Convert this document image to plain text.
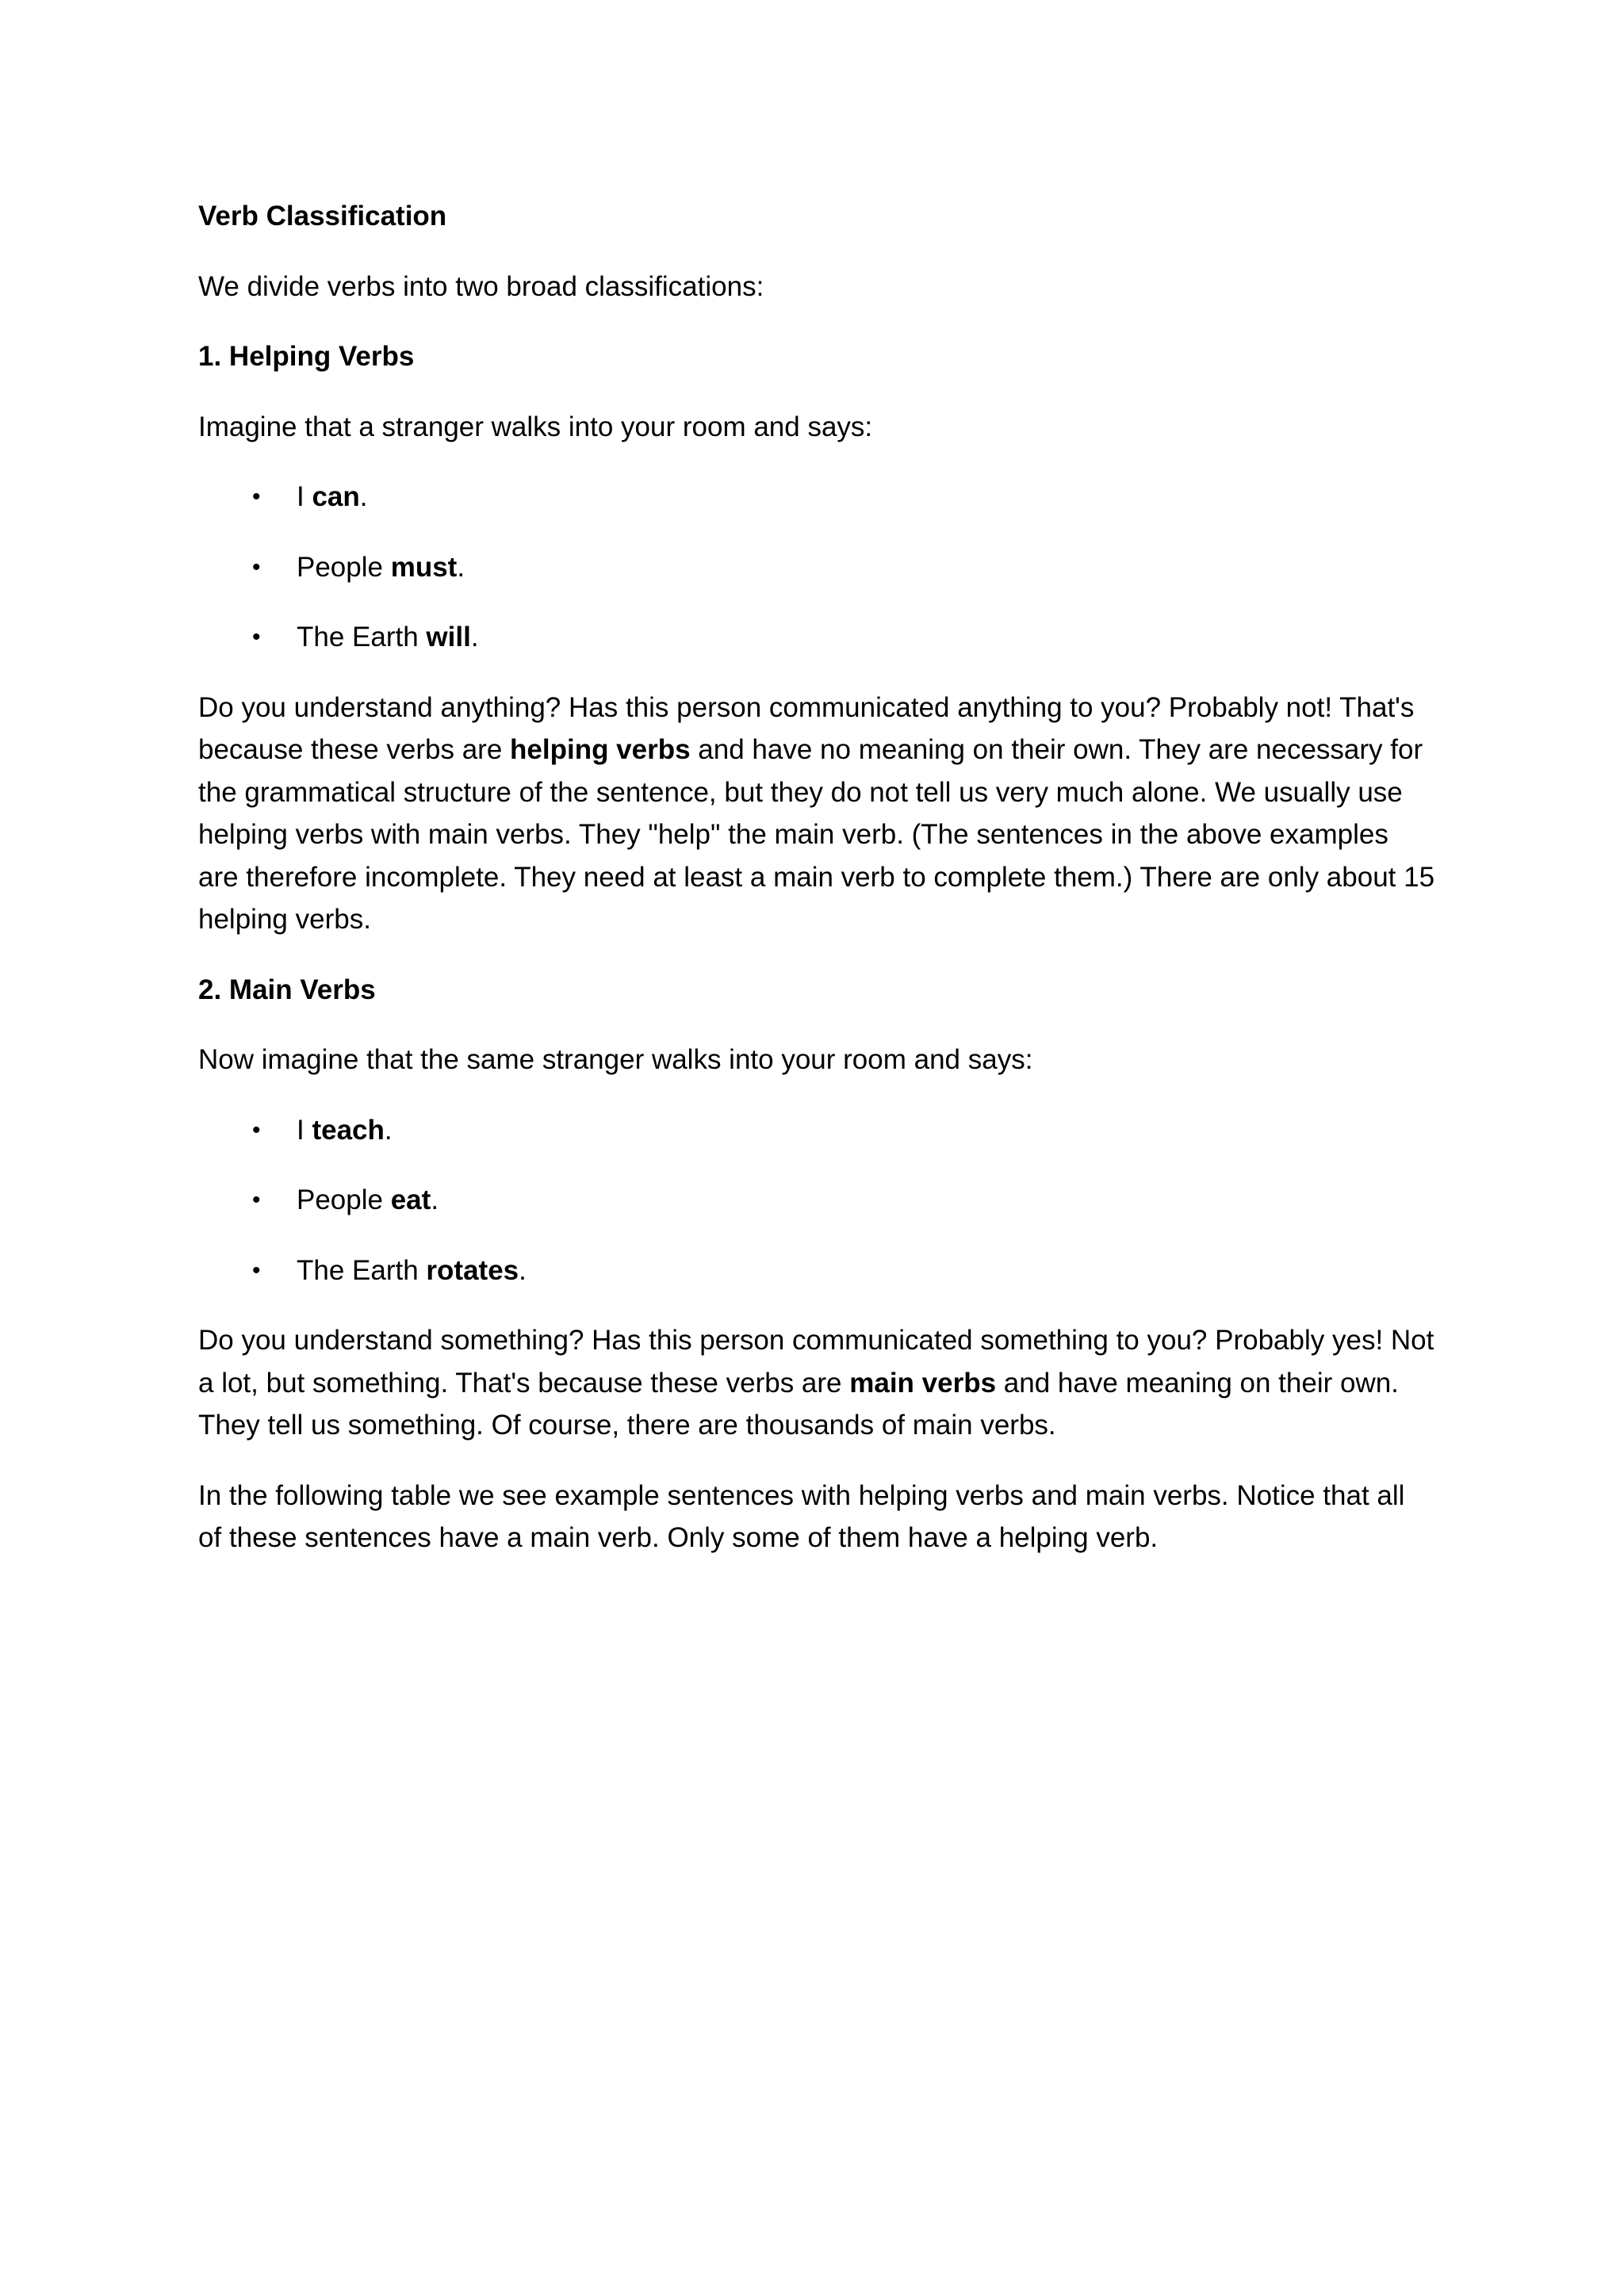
Verb Classification

We divide verbs into two broad classifications:

1. Helping Verbs

Imagine that a stranger walks into your room and says:

• I can.
• People must.
• The Earth will.

Do you understand anything? Has this person communicated anything to you? Probably not! That's because these verbs are helping verbs and have no meaning on their own. They are necessary for the grammatical structure of the sentence, but they do not tell us very much alone. We usually use helping verbs with main verbs. They "help" the main verb. (The sentences in the above examples are therefore incomplete. They need at least a main verb to complete them.) There are only about 15 helping verbs.

2. Main Verbs

Now imagine that the same stranger walks into your room and says:

• I teach.
• People eat.
• The Earth rotates.

Do you understand something? Has this person communicated something to you? Probably yes! Not a lot, but something. That's because these verbs are main verbs and have meaning on their own. They tell us something. Of course, there are thousands of main verbs.

In the following table we see example sentences with helping verbs and main verbs. Notice that all of these sentences have a main verb. Only some of them have a helping verb.
